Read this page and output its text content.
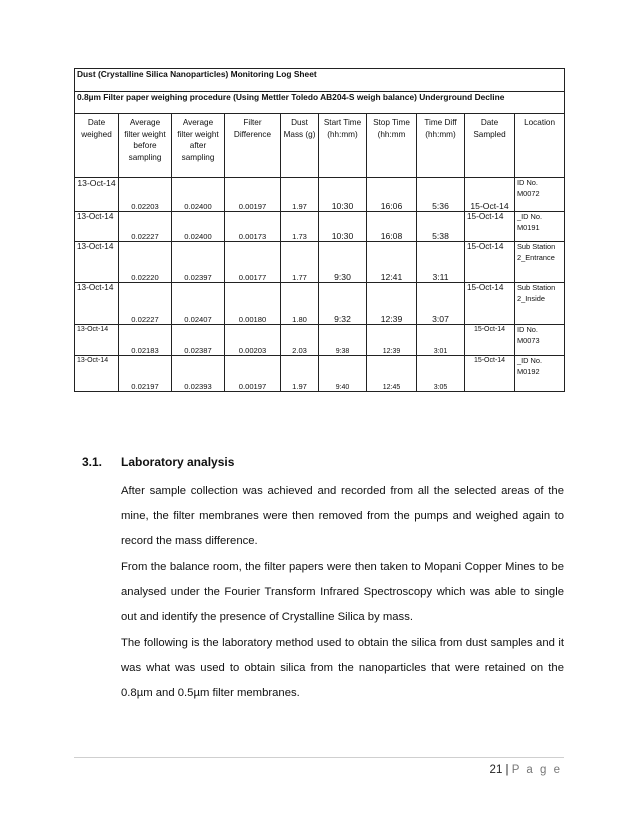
Dust (Crystalline Silica Nanoparticles) Monitoring Log Sheet									
0.8µm Filter paper weighing procedure (Using Mettler Toledo AB204-S weigh balance) Underground Decline									
Date weighed	Average filter weight before sampling	Average filter weight after sampling	Filter Difference	Dust Mass (g)	Start Time (hh:mm)	Stop Time (hh:mm	Time Diff (hh:mm)	Date Sampled	Location
13-Oct-14	0.02203	0.02400	0.00197	1.97	10:30	16:06	5:36	15-Oct-14	ID No. M0072
13-Oct-14	0.02227	0.02400	0.00173	1.73	10:30	16:08	5:38	15-Oct-14	_ID No. M0191
13-Oct-14	0.02220	0.02397	0.00177	1.77	9:30	12:41	3:11	15-Oct-14	Sub Station 2_Entrance
13-Oct-14	0.02227	0.02407	0.00180	1.80	9:32	12:39	3:07	15-Oct-14	Sub Station 2_Inside
13-Oct-14	0.02183	0.02387	0.00203	2.03	9:38	12:39	3:01	15-Oct-14	ID No. M0073
13-Oct-14	0.02197	0.02393	0.00197	1.97	9:40	12:45	3:05	15-Oct-14	_ID No. M0192
3.1. Laboratory analysis

After sample collection was achieved and recorded from all the selected areas of the mine, the filter membranes were then removed from the pumps and weighed again to record the mass difference.

From the balance room, the filter papers were then taken to Mopani Copper Mines to be analysed under the Fourier Transform Infrared Spectroscopy which was able to single out and identify the presence of Crystalline Silica by mass.

The following is the laboratory method used to obtain the silica from dust samples and it was what was used to obtain silica from the nanoparticles that were retained on the 0.8µm and 0.5µm filter membranes.

21 | P a g e
